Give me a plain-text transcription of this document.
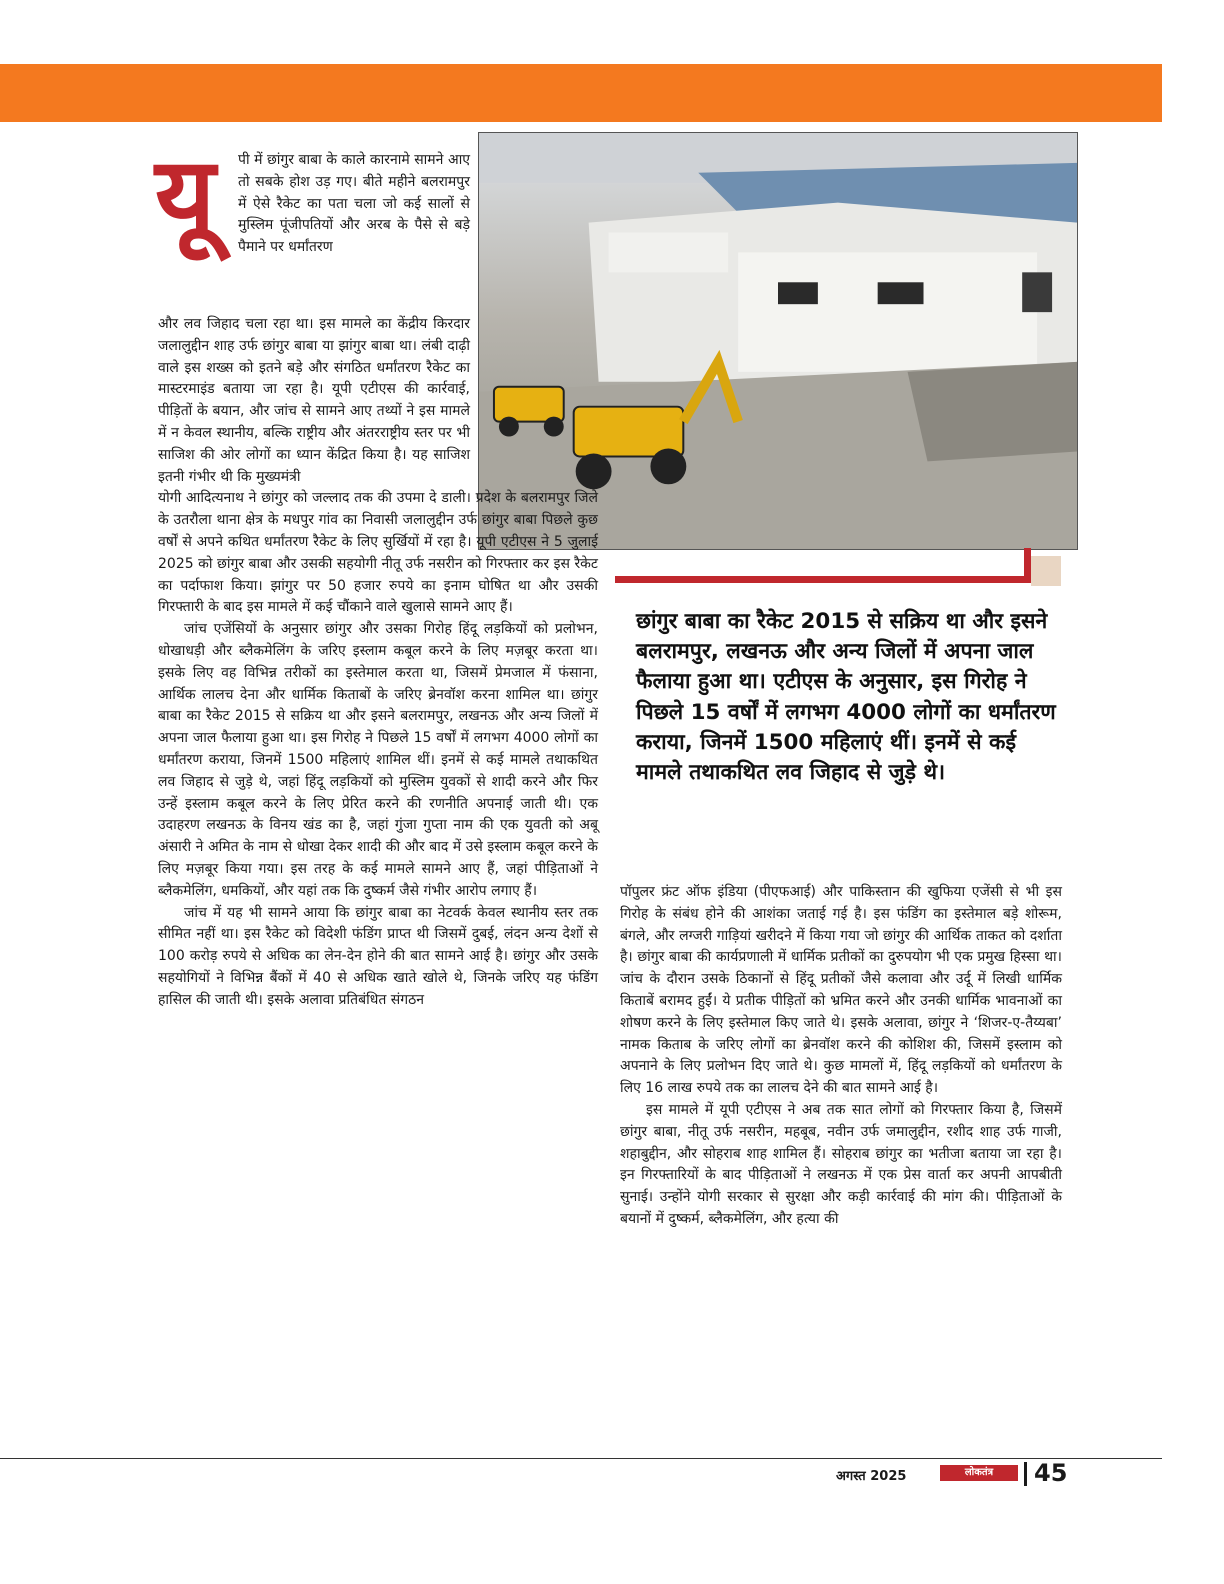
यू पी में छांगुर बाबा के काले कारनामे सामने आए तो सबके होश उड़ गए। बीते महीने बलरामपुर में ऐसे रैकेट का पता चला जो कई सालों से मुस्लिम पूंजीपतियों और अरब के पैसे से बड़े पैमाने पर धर्मांतरण

और लव जिहाद चला रहा था। इस मामले का केंद्रीय किरदार जलालुद्दीन शाह उर्फ छांगुर बाबा या झांगुर बाबा था। लंबी दाढ़ी वाले इस शख्स को इतने बड़े और संगठित धर्मांतरण रैकेट का मास्टरमाइंड बताया जा रहा है। यूपी एटीएस की कार्रवाई, पीड़ितों के बयान, और जांच से सामने आए तथ्यों ने इस मामले में न केवल स्थानीय, बल्कि राष्ट्रीय और अंतरराष्ट्रीय स्तर पर भी साजिश की ओर लोगों का ध्यान केंद्रित किया है। यह साजिश इतनी गंभीर थी कि मुख्यमंत्री

योगी आदित्यनाथ ने छांगुर को जल्लाद तक की उपमा दे डाली। प्रदेश के बलरामपुर जिले के उतरौला थाना क्षेत्र के मधपुर गांव का निवासी जलालुद्दीन उर्फ छांगुर बाबा पिछले कुछ वर्षों से अपने कथित धर्मांतरण रैकेट के लिए सुर्खियों में रहा है। यूपी एटीएस ने 5 जुलाई 2025 को छांगुर बाबा और उसकी सहयोगी नीतू उर्फ नसरीन को गिरफ्तार कर इस रैकेट का पर्दाफाश किया। झांगुर पर 50 हजार रुपये का इनाम घोषित था और उसकी गिरफ्तारी के बाद इस मामले में कई चौंकाने वाले खुलासे सामने आए हैं।

जांच एजेंसियों के अनुसार छांगुर और उसका गिरोह हिंदू लड़कियों को प्रलोभन, धोखाधड़ी और ब्लैकमेलिंग के जरिए इस्लाम कबूल करने के लिए मज़बूर करता था। इसके लिए वह विभिन्न तरीकों का इस्तेमाल करता था, जिसमें प्रेमजाल में फंसाना, आर्थिक लालच देना और धार्मिक किताबों के जरिए ब्रेनवॉश करना शामिल था। छांगुर बाबा का रैकेट 2015 से सक्रिय था और इसने बलरामपुर, लखनऊ और अन्य जिलों में अपना जाल फैलाया हुआ था। इस गिरोह ने पिछले 15 वर्षों में लगभग 4000 लोगों का धर्मांतरण कराया, जिनमें 1500 महिलाएं शामिल थीं। इनमें से कई मामले तथाकथित लव जिहाद से जुड़े थे, जहां हिंदू लड़कियों को मुस्लिम युवकों से शादी करने और फिर उन्हें इस्लाम कबूल करने के लिए प्रेरित करने की रणनीति अपनाई जाती थी। एक उदाहरण लखनऊ के विनय खंड का है, जहां गुंजा गुप्ता नाम की एक युवती को अबू अंसारी ने अमित के नाम से धोखा देकर शादी की और बाद में उसे इस्लाम कबूल करने के लिए मज़बूर किया गया। इस तरह के कई मामले सामने आए हैं, जहां पीड़िताओं ने ब्लैकमेलिंग, धमकियों, और यहां तक कि दुष्कर्म जैसे गंभीर आरोप लगाए हैं।

जांच में यह भी सामने आया कि छांगुर बाबा का नेटवर्क केवल स्थानीय स्तर तक सीमित नहीं था। इस रैकेट को विदेशी फंडिंग प्राप्त थी जिसमें दुबई, लंदन अन्य देशों से 100 करोड़ रुपये से अधिक का लेन-देन होने की बात सामने आई है। छांगुर और उसके सहयोगियों ने विभिन्न बैंकों में 40 से अधिक खाते खोले थे, जिनके जरिए यह फंडिंग हासिल की जाती थी। इसके अलावा प्रतिबंधित संगठन

छांगुर बाबा का रैकेट 2015 से सक्रिय था और इसने बलरामपुर, लखनऊ और अन्य जिलों में अपना जाल फैलाया हुआ था। एटीएस के अनुसार, इस गिरोह ने पिछले 15 वर्षों में लगभग 4000 लोगों का धर्मांतरण कराया, जिनमें 1500 महिलाएं थीं। इनमें से कई मामले तथाकथित लव जिहाद से जुड़े थे।

पॉपुलर फ्रंट ऑफ इंडिया (पीएफआई) और पाकिस्तान की खुफिया एजेंसी से भी इस गिरोह के संबंध होने की आशंका जताई गई है। इस फंडिंग का इस्तेमाल बड़े शोरूम, बंगले, और लग्जरी गाड़ियां खरीदने में किया गया जो छांगुर की आर्थिक ताकत को दर्शाता है। छांगुर बाबा की कार्यप्रणाली में धार्मिक प्रतीकों का दुरुपयोग भी एक प्रमुख हिस्सा था। जांच के दौरान उसके ठिकानों से हिंदू प्रतीकों जैसे कलावा और उर्दू में लिखी धार्मिक किताबें बरामद हुईं। ये प्रतीक पीड़ितों को भ्रमित करने और उनकी धार्मिक भावनाओं का शोषण करने के लिए इस्तेमाल किए जाते थे। इसके अलावा, छांगुर ने ‘शिजर-ए-तैय्यबा’ नामक किताब के जरिए लोगों का ब्रेनवॉश करने की कोशिश की, जिसमें इस्लाम को अपनाने के लिए प्रलोभन दिए जाते थे। कुछ मामलों में, हिंदू लड़कियों को धर्मांतरण के लिए 16 लाख रुपये तक का लालच देने की बात सामने आई है।

इस मामले में यूपी एटीएस ने अब तक सात लोगों को गिरफ्तार किया है, जिसमें छांगुर बाबा, नीतू उर्फ नसरीन, महबूब, नवीन उर्फ जमालुद्दीन, रशीद शाह उर्फ गाजी, शहाबुद्दीन, और सोहराब शाह शामिल हैं। सोहराब छांगुर का भतीजा बताया जा रहा है। इन गिरफ्तारियों के बाद पीड़िताओं ने लखनऊ में एक प्रेस वार्ता कर अपनी आपबीती सुनाई। उन्होंने योगी सरकार से सुरक्षा और कड़ी कार्रवाई की मांग की। पीड़िताओं के बयानों में दुष्कर्म, ब्लैकमेलिंग, और हत्या की

अगस्त 2025	लोकतंत्र	45
